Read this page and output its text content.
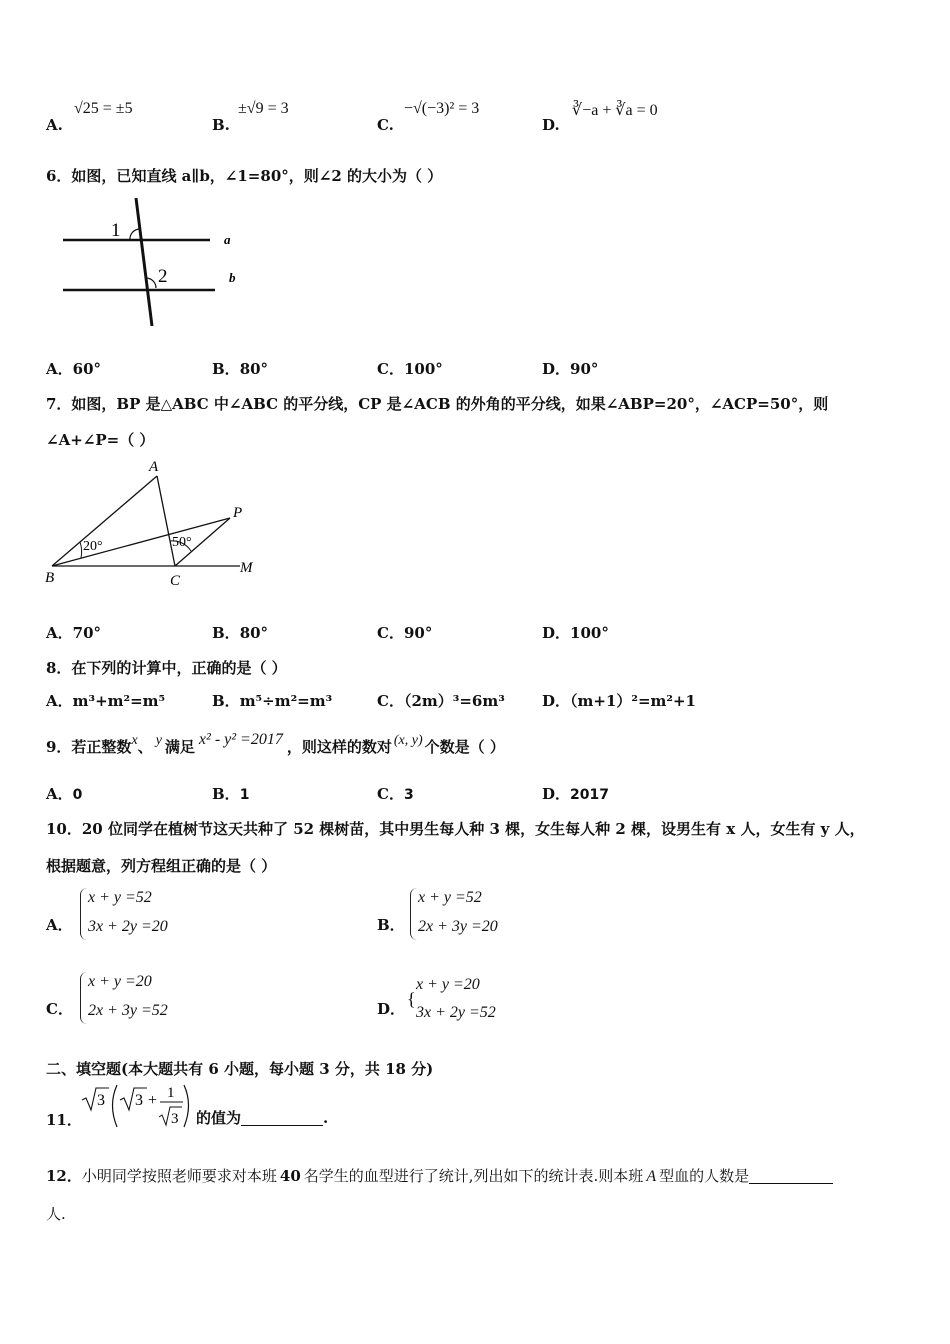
A.
√25 = ±5
B.
±√9 = 3
C.
−√(−3)² = 3
D.
∛−a + ∛a = 0
6．如图，已知直线 a∥b，∠1=80°，则∠2 的大小为（ ）
1
2
a
b
A．60°	B．80°	C．100°	D．90°
7．如图，BP 是△ABC 中∠ABC 的平分线，CP 是∠ACB 的外角的平分线，如果∠ABP=20°，∠ACP=50°，则
∠A+∠P=（ ）
A
B	C
P
M
20°	50°
A．70°	B．80°	C．90°	D．100°
8．在下列的计算中，正确的是（ ）
A．m³+m²=m⁵	B．m⁵÷m²=m³	C．（2m）³=6m³ D．（m+1）²=m²+1
9．若正整数x、 y 满足 x² - y² =2017 ，则这样的数对 (x, y) 个数是（ ）
A．0	B．1	C．3	D．2017
10．20 位同学在植树节这天共种了 52 棵树苗，其中男生每人种 3 棵，女生每人种 2 棵，设男生有 x 人，女生有 y 人，
根据题意，列方程组正确的是（ ）
A．
x + y =52
3x + 2y =20	B．
x + y =52
2x + 3y =20
C．
x + y =20
2x + 3y =52	D． {
x + y =20
3x + 2y =52
二、填空题(本大题共有 6 小题，每小题 3 分，共 18 分)
11．
3 3 + 1
3 的值为	.
12．小明同学按照老师要求对本班 40 名学生的血型进行了统计,列出如下的统计表.则本班 A 型血的人数是
人.
